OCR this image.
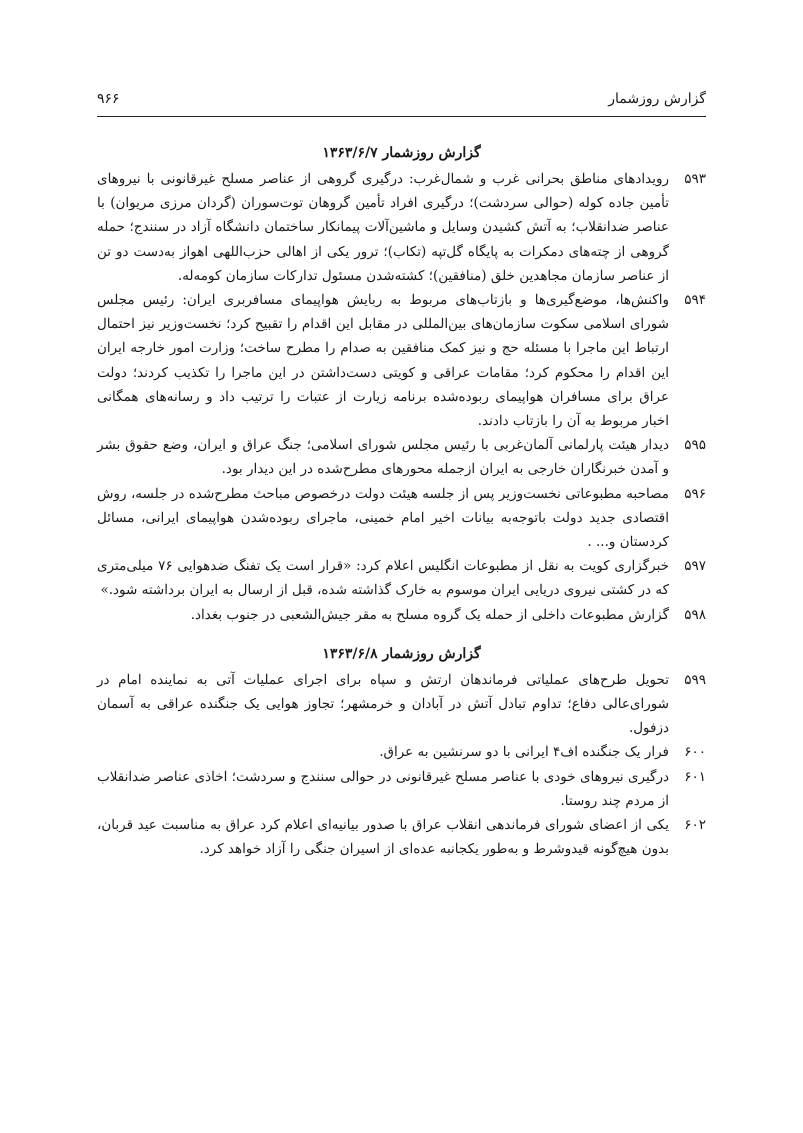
گزارش روزشمار
۹۶۶
گزارش روزشمار ۱۳۶۳/۶/۷
۵۹۳
رویدادهای مناطق بحرانی غرب و شمال‌غرب: درگیری گروهی از عناصر مسلح غیرقانونی با نیروهای تأمین جاده کوله (حوالی سردشت)؛ درگیری افراد تأمین گروهان توت‌سوران (گردان مرزی مریوان) با عناصر ضدانقلاب؛ به آتش کشیدن وسایل و ماشین‌آلات پیمانکار ساختمان دانشگاه آزاد در سنندج؛ حمله گروهی از چته‌های دمکرات به پایگاه گل‌تپه (تکاب)؛ ترور یکی از اهالی حزب‌اللهی اهواز به‌دست دو تن از عناصر سازمان مجاهدین خلق (منافقین)؛ کشته‌شدن مسئول تدارکات سازمان کومه‌له.
۵۹۴
واکنش‌ها، موضع‌گیری‌ها و بازتاب‌های مربوط به ربایش هواپیمای مسافربری ایران: رئیس مجلس شورای اسلامی سکوت سازمان‌های بین‌المللی در مقابل این اقدام را تقبیح کرد؛ نخست‌وزیر نیز احتمال ارتباط این ماجرا با مسئله حج و نیز کمک منافقین به صدام را مطرح ساخت؛ وزارت امور خارجه ایران این اقدام را محکوم کرد؛ مقامات عراقی و کویتی دست‌داشتن در این ماجرا را تکذیب کردند؛ دولت عراق برای مسافران هواپیمای ربوده‌شده برنامه زیارت از عتبات را ترتیب داد و رسانه‌های همگانی اخبار مربوط به آن را بازتاب دادند.
۵۹۵
دیدار هیئت پارلمانی آلمان‌غربی با رئیس مجلس شورای اسلامی؛ جنگ عراق و ایران، وضع حقوق بشر و آمدن خبرنگاران خارجی به ایران ازجمله محورهای مطرح‌شده در این دیدار بود.
۵۹۶
مصاحبه مطبوعاتی نخست‌وزیر پس از جلسه هیئت دولت درخصوص مباحث مطرح‌شده در جلسه، روش اقتصادی جدید دولت باتوجه‌به بیانات اخیر امام خمینی، ماجرای ربوده‌شدن هواپیمای ایرانی، مسائل کردستان و... .
۵۹۷
خبرگزاری کویت به نقل از مطبوعات انگلیس اعلام کرد: «قرار است یک تفنگ ضدهوایی ۷۶ میلی‌متری که در کشتی نیروی دریایی ایران موسوم به خارک گذاشته شده، قبل از ارسال به ایران برداشته شود.»
۵۹۸
گزارش مطبوعات داخلی از حمله یک گروه مسلح به مقر جیش‌الشعبی در جنوب بغداد.
گزارش روزشمار ۱۳۶۳/۶/۸
۵۹۹
تحویل طرح‌های عملیاتی فرماندهان ارتش و سپاه برای اجرای عملیات آتی به نماینده امام در شورای‌عالی دفاع؛ تداوم تبادل آتش در آبادان و خرمشهر؛ تجاوز هوایی یک جنگنده عراقی به آسمان دزفول.
۶۰۰
فرار یک جنگنده اف۴ ایرانی با دو سرنشین به عراق.
۶۰۱
درگیری نیروهای خودی با عناصر مسلح غیرقانونی در حوالی سنندج و سردشت؛ اخاذی عناصر ضدانقلاب از مردم چند روستا.
۶۰۲
یکی از اعضای شورای فرماندهی انقلاب عراق با صدور بیانیه‌ای اعلام کرد عراق به مناسبت عید قربان، بدون هیچ‌گونه قیدوشرط و به‌طور یکجانبه عده‌ای از اسیران جنگی را آزاد خواهد کرد.
